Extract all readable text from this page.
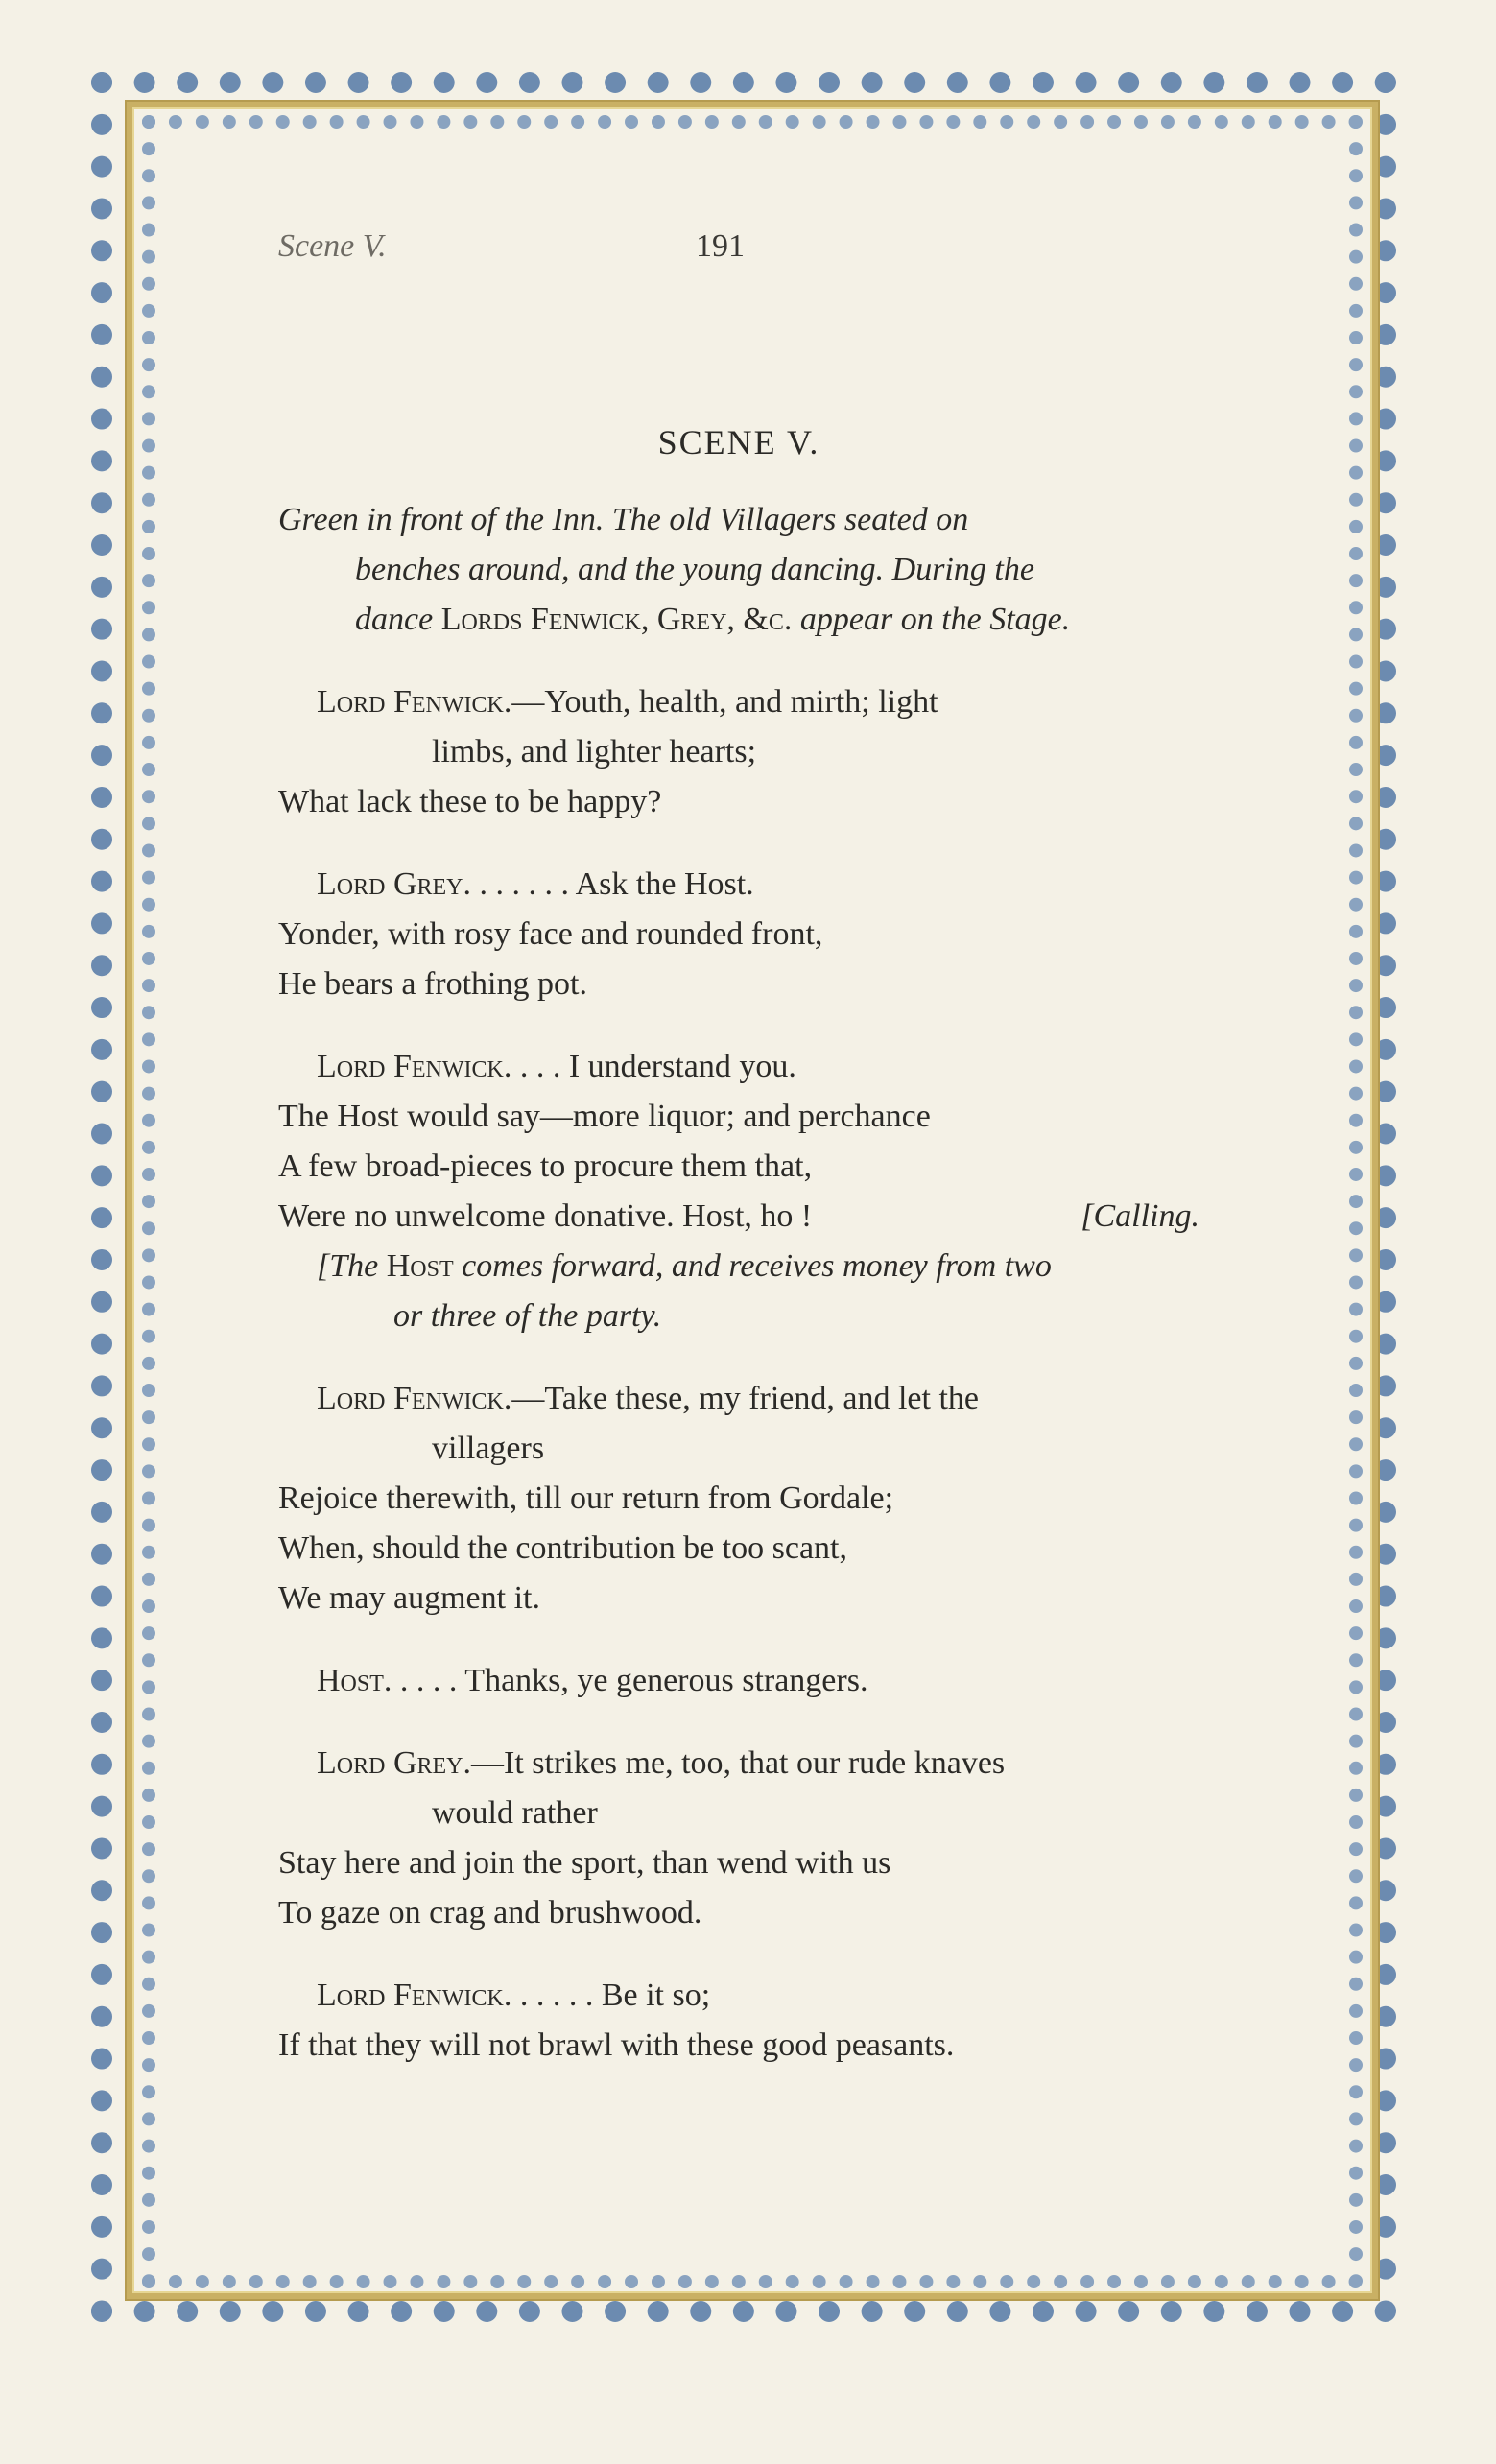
Scene V.	191
SCENE V.
Green in front of the Inn. The old Villagers seated on
benches around, and the young dancing. During the
dance Lords Fenwick, Grey, &c. appear on the Stage.
Lord Fenwick.—Youth, health, and mirth; light
limbs, and lighter hearts;
What lack these to be happy?
Lord Grey. . . . . . . Ask the Host.
Yonder, with rosy face and rounded front,
He bears a frothing pot.
Lord Fenwick. . . . I understand you.
The Host would say—more liquor; and perchance
A few broad-pieces to procure them that,
Were no unwelcome donative. Host, ho !	[Calling.
[The Host comes forward, and receives money from two
or three of the party.
Lord Fenwick.—Take these, my friend, and let the
villagers
Rejoice therewith, till our return from Gordale;
When, should the contribution be too scant,
We may augment it.
Host. . . . . Thanks, ye generous strangers.
Lord Grey.—It strikes me, too, that our rude knaves
would rather
Stay here and join the sport, than wend with us
To gaze on crag and brushwood.
Lord Fenwick. . . . . . Be it so;
If that they will not brawl with these good peasants.
